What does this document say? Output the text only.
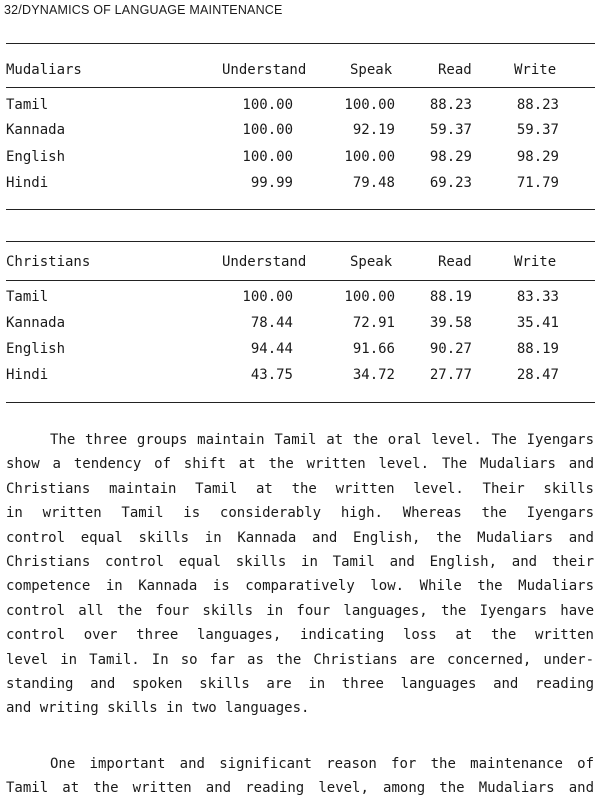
32/DYNAMICS OF LANGUAGE MAINTENANCE
Mudaliars	Understand	Speak	Read	Write
Tamil	100.00	100.00 88.23	88.23
Kannada	100.00	92.19 59.37	59.37
English	100.00	100.00 98.29	98.29
Hindi	99.99	79.48 69.23	71.79
Christians	Understand	Speak	Read	Write
Tamil	100.00	100.00 88.19	83.33
Kannada	78.44	72.91 39.58	35.41
English	94.44	91.66 90.27	88.19
Hindi	43.75	34.72 27.77	28.47
The three groups maintain Tamil at the oral level. The Iyengars
show a tendency of shift at the written level. The Mudaliars and
Christians maintain Tamil at the written level. Their skills
in written Tamil is considerably high. Whereas the Iyengars
control equal skills in Kannada and English, the Mudaliars and
Christians control equal skills in Tamil and English, and their
competence in Kannada is comparatively low. While the Mudaliars
control all the four skills in four languages, the Iyengars have
control over three languages, indicating loss at the written
level in Tamil. In so far as the Christians are concerned, under-
standing and spoken skills are in three languages and reading
and writing skills in two languages.
One important and significant reason for the maintenance of
Tamil at the written and reading level, among the Mudaliars and
